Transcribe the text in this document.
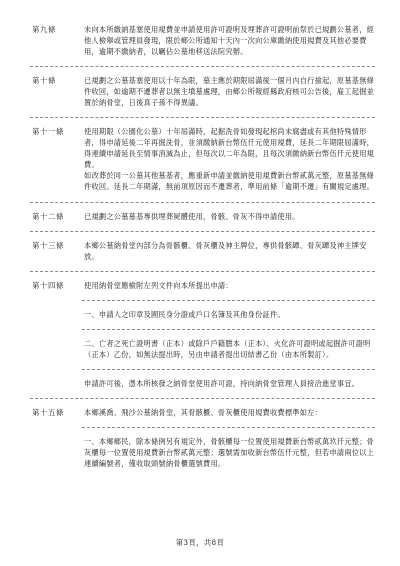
第九條	未向本所繳納基塞使用規費並申請使用許可證明及埋葬許可證明前祭於已規劃公墓者，經他人檢舉或管理員發現，限於鄉公所通知十天內一次向公庫繳納使用規費及其他必要費用，逾期不繳納者，以羈佔公墓地移送法院究辦。

第十條	已規劃之公墓基塞使用以十年為限，墓主應於期限屆滿後一個月內自行撿起，原墓基無條件收回，如逾期不遷葬者以無主墳墓處理，由鄉公所報經縣政府核可公告後，雇工起掘並置於納骨堂，日後真子孫不得異議。

第十一條	使用期限（公園化公墓）十年屆滿時，起掘洗骨如發現起棺尚未腐盡或有其他特殊情形者，得申請延後二年再掘洗骨，並須繳納新台幣伍仟元使用規費，延長二年期限屆滿時，得連續申請延長至情事消滅為止，但每次以二年為限，且每次須繳納新台幣伍仟元使用規費。

如改葬於同一公墓其他墓基者，應重新申請並繳納使用規費新台幣貳萬元整，原墓基無條件收回。延長二年期滿，無前項原因而不遷葬者，準用前條「逾期不遷」有關規定處理。

第十二條	已規劃之公墓墓基專供埋葬屍體使用，骨骸、骨灰不得申請使用。

第十三條	本鄉公墓納骨堂內部分為骨骸櫃、骨灰櫃及神主牌位，專供骨骸罈、骨灰罈及神主牌安放。

第十四條	使用納骨堂應檢附左列文件向本所提出申請：

一、申請人之印章及國民身分證或戶口名簿及其他身份証件。

二、亡者之死亡證明書（正本）或除戶戶籍謄本（正本）、火化許可證明或起掘許可證明（正本）乙份，如無法提出時，另由申請者提出切結書乙份（由本所製訂）。

申請許可後，憑本所核發之納骨堂使用許可證，持向納骨堂管理人員接洽進堂事宜。

第十五條	本鄉溪喬、飛沙公墓納骨堂，其骨骸櫃、骨灰櫃使用規費收費標準如左：

一、本鄉鄉民，除本條例另有規定外，骨骸櫃每一位置使用規費新台幣貳萬玖仟元整；骨灰櫃每一位置使用規費新台幣貳萬元整；選號需加收新台幣伍仟元整，但若申請兩位以上連續編號者，僅收取頭號納骨櫃選號費用。

第3頁，共8頁
